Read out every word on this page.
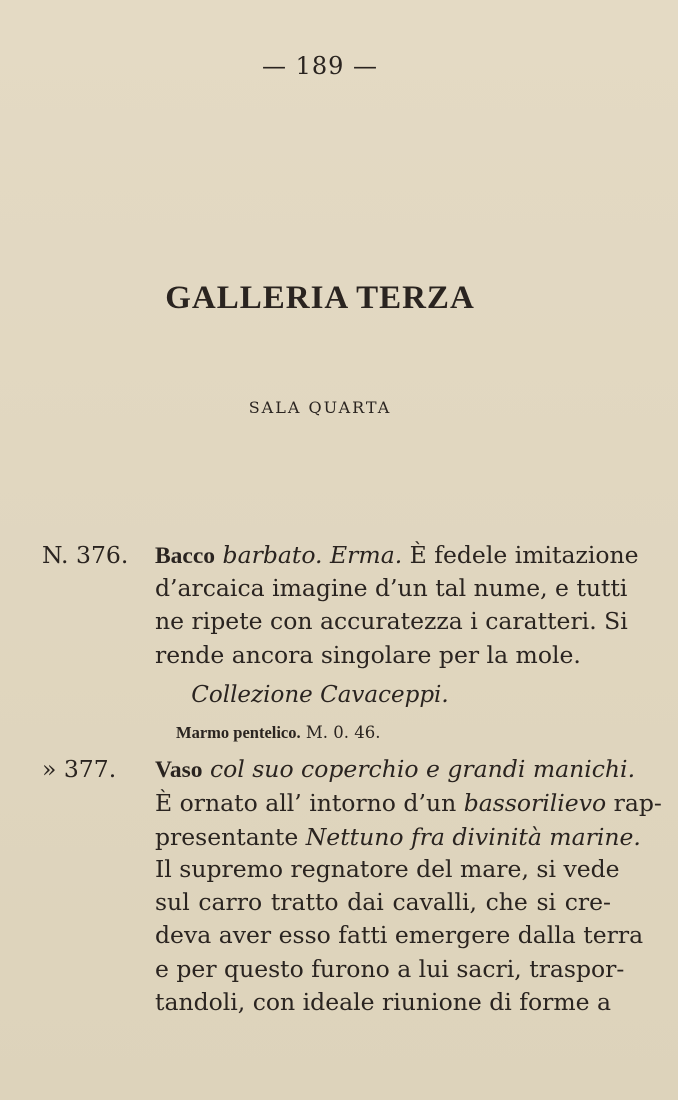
— 189 —
GALLERIA TERZA
SALA QUARTA
N. 376. Bacco barbato. Erma. È fedele imitazione
d’arcaica imagine d’un tal nume, e tutti
ne ripete con accuratezza i caratteri. Si
rende ancora singolare per la mole.
Collezione Cavaceppi.
Marmo pentelico. M. 0. 46.
» 377. Vaso col suo coperchio e grandi manichi.
È ornato all’ intorno d’un bassorilievo rap-
presentante Nettuno fra divinità marine.
Il supremo regnatore del mare, si vede
sul carro tratto dai cavalli, che si cre-
deva aver esso fatti emergere dalla terra
e per questo furono a lui sacri, traspor-
tandoli, con ideale riunione di forme a
